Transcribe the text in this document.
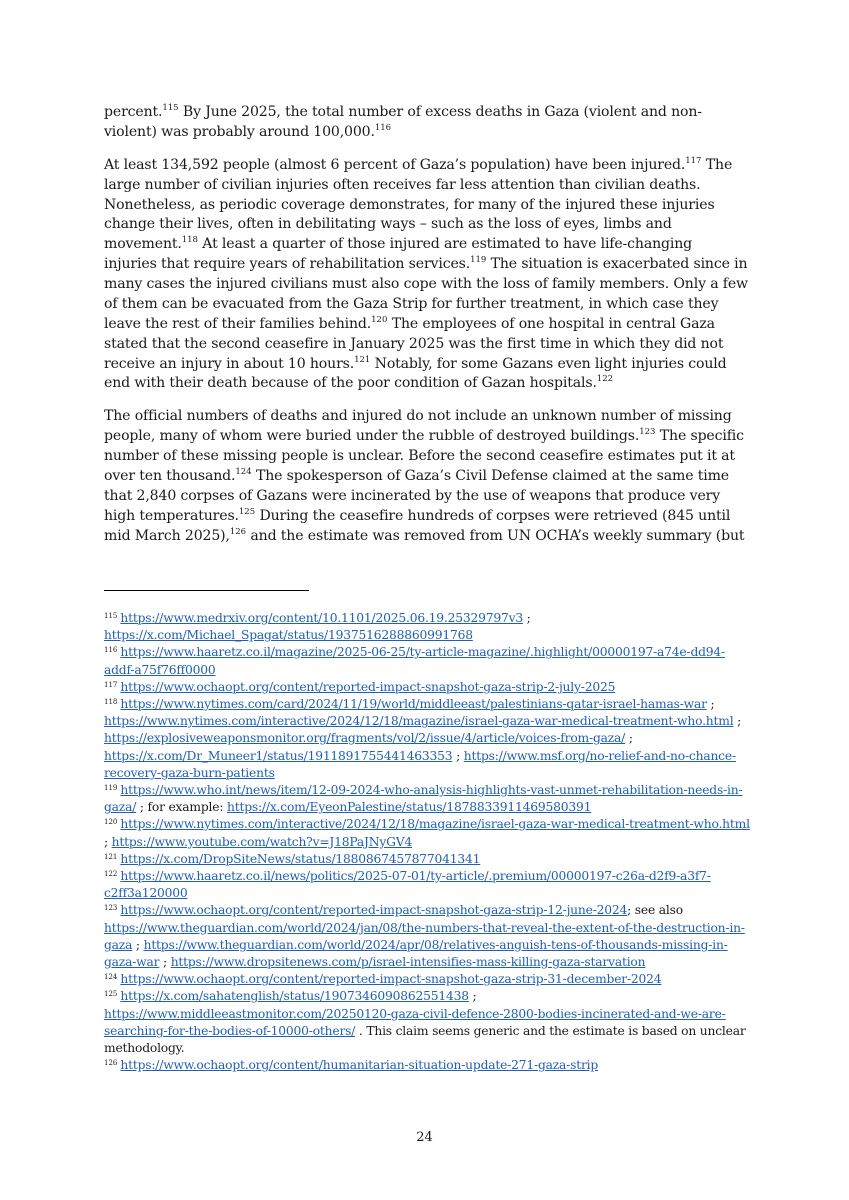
percent.$^{115}$ By June 2025, the total number of excess deaths in Gaza (violent and non-violent) was probably around 100,000.$^{116}$

At least 134,592 people (almost 6 percent of Gaza’s population) have been injured.$^{117}$ The large number of civilian injuries often receives far less attention than civilian deaths. Nonetheless, as periodic coverage demonstrates, for many of the injured these injuries change their lives, often in debilitating ways – such as the loss of eyes, limbs and movement.$^{118}$ At least a quarter of those injured are estimated to have life-changing injuries that require years of rehabilitation services.$^{119}$ The situation is exacerbated since in many cases the injured civilians must also cope with the loss of family members. Only a few of them can be evacuated from the Gaza Strip for further treatment, in which case they leave the rest of their families behind.$^{120}$ The employees of one hospital in central Gaza stated that the second ceasefire in January 2025 was the first time in which they did not receive an injury in about 10 hours.$^{121}$ Notably, for some Gazans even light injuries could end with their death because of the poor condition of Gazan hospitals.$^{122}$

The official numbers of deaths and injured do not include an unknown number of missing people, many of whom were buried under the rubble of destroyed buildings.$^{123}$ The specific number of these missing people is unclear. Before the second ceasefire estimates put it at over ten thousand.$^{124}$ The spokesperson of Gaza’s Civil Defense claimed at the same time that 2,840 corpses of Gazans were incinerated by the use of weapons that produce very high temperatures.$^{125}$ During the ceasefire hundreds of corpses were retrieved (845 until mid March 2025),$^{126}$ and the estimate was removed from UN OCHA’s weekly summary (but

$^{115}$ https://www.medrxiv.org/content/10.1101/2025.06.19.25329797v3 ; https://x.com/Michael_Spagat/status/1937516288860991768
$^{116}$ https://www.haaretz.co.il/magazine/2025-06-25/ty-article-magazine/.highlight/00000197-a74e-dd94-addf-a75f76ff0000
$^{117}$ https://www.ochaopt.org/content/reported-impact-snapshot-gaza-strip-2-july-2025
$^{118}$ https://www.nytimes.com/card/2024/11/19/world/middleeast/palestinians-qatar-israel-hamas-war ; https://www.nytimes.com/interactive/2024/12/18/magazine/israel-gaza-war-medical-treatment-who.html ; https://explosiveweaponsmonitor.org/fragments/vol/2/issue/4/article/voices-from-gaza/ ; https://x.com/Dr_Muneer1/status/1911891755441463353 ; https://www.msf.org/no-relief-and-no-chance-recovery-gaza-burn-patients
$^{119}$ https://www.who.int/news/item/12-09-2024-who-analysis-highlights-vast-unmet-rehabilitation-needs-in-gaza/ ; for example: https://x.com/EyeonPalestine/status/1878833911469580391
$^{120}$ https://www.nytimes.com/interactive/2024/12/18/magazine/israel-gaza-war-medical-treatment-who.html ; https://www.youtube.com/watch?v=J18PaJNyGV4
$^{121}$ https://x.com/DropSiteNews/status/1880867457877041341
$^{122}$ https://www.haaretz.co.il/news/politics/2025-07-01/ty-article/.premium/00000197-c26a-d2f9-a3f7-c2ff3a120000
$^{123}$ https://www.ochaopt.org/content/reported-impact-snapshot-gaza-strip-12-june-2024; see also https://www.theguardian.com/world/2024/jan/08/the-numbers-that-reveal-the-extent-of-the-destruction-in-gaza ; https://www.theguardian.com/world/2024/apr/08/relatives-anguish-tens-of-thousands-missing-in-gaza-war ; https://www.dropsitenews.com/p/israel-intensifies-mass-killing-gaza-starvation
$^{124}$ https://www.ochaopt.org/content/reported-impact-snapshot-gaza-strip-31-december-2024
$^{125}$ https://x.com/sahatenglish/status/1907346090862551438 ; https://www.middleeastmonitor.com/20250120-gaza-civil-defence-2800-bodies-incinerated-and-we-are-searching-for-the-bodies-of-10000-others/ . This claim seems generic and the estimate is based on unclear methodology.
$^{126}$ https://www.ochaopt.org/content/humanitarian-situation-update-271-gaza-strip
24
